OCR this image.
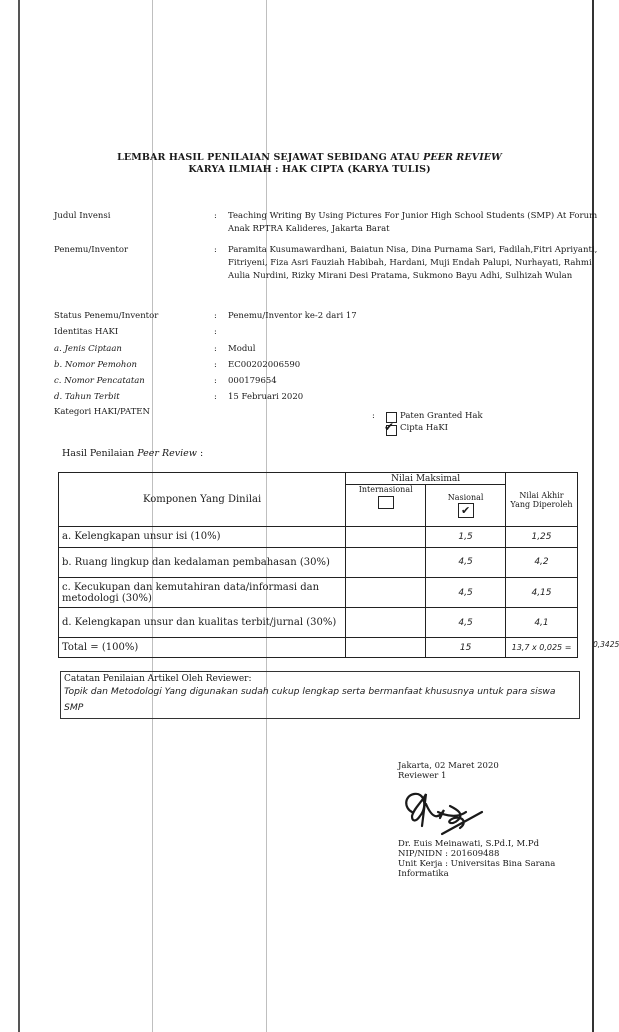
LEMBAR HASIL PENILAIAN SEJAWAT SEBIDANG ATAU PEER REVIEW
KARYA ILMIAH : HAK CIPTA (KARYA TULIS)
Judul Invensi	: Teaching Writing By Using Pictures For Junior High School Students (SMP) At Forum Anak RPTRA Kalideres, Jakarta Barat
Penemu/Inventor	: Paramita Kusumawardhani, Baiatun Nisa, Dina Purnama Sari, Fadilah,Fitri Apriyanti, Fitriyeni, Fiza Asri Fauziah Habibah, Hardani, Muji Endah Palupi, Nurhayati, Rahmi Aulia Nurdini, Rizky Mirani Desi Pratama, Sukmono Bayu Adhi, Sulhizah Wulan
Status Penemu/Inventor	: Penemu/Inventor ke-2 dari 17
Identitas HAKI	:
a. Jenis Ciptaan	: Modul
b. Nomor Pemohon	: EC00202006590
c. Nomor Pencatatan	: 000179654
d. Tahun Terbit	: 15 Februari 2020
Kategori HAKI/PATEN	:	Paten Granted Hak
✔ Cipta HaKI
Hasil Penilaian Peer Review :
Komponen Yang Dinilai	Nilai Maksimal		Nilai Akhir Yang Diperoleh

	Internasional	Nasional
✔	

a. Kelengkapan unsur isi (10%)		1,5	1,25
b. Ruang lingkup dan kedalaman pembahasan (30%)		4,5	4,2
c. Kecukupan dan kemutahiran data/informasi dan metodologi (30%)		4,5	4,15
d. Kelengkapan unsur dan kualitas terbit/jurnal (30%)		4,5	4,1
Total = (100%)		15	13,7 x 0,025 =	0,3425
Catatan Penilaian Artikel Oleh Reviewer:
Topik dan Metodologi Yang digunakan sudah cukup lengkap serta bermanfaat khususnya untuk para siswa SMP
Jakarta, 02 Maret 2020
Reviewer 1
Dr. Euis Meinawati, S.Pd.I, M.Pd
NIP/NIDN : 201609488
Unit Kerja : Universitas Bina Sarana Informatika
